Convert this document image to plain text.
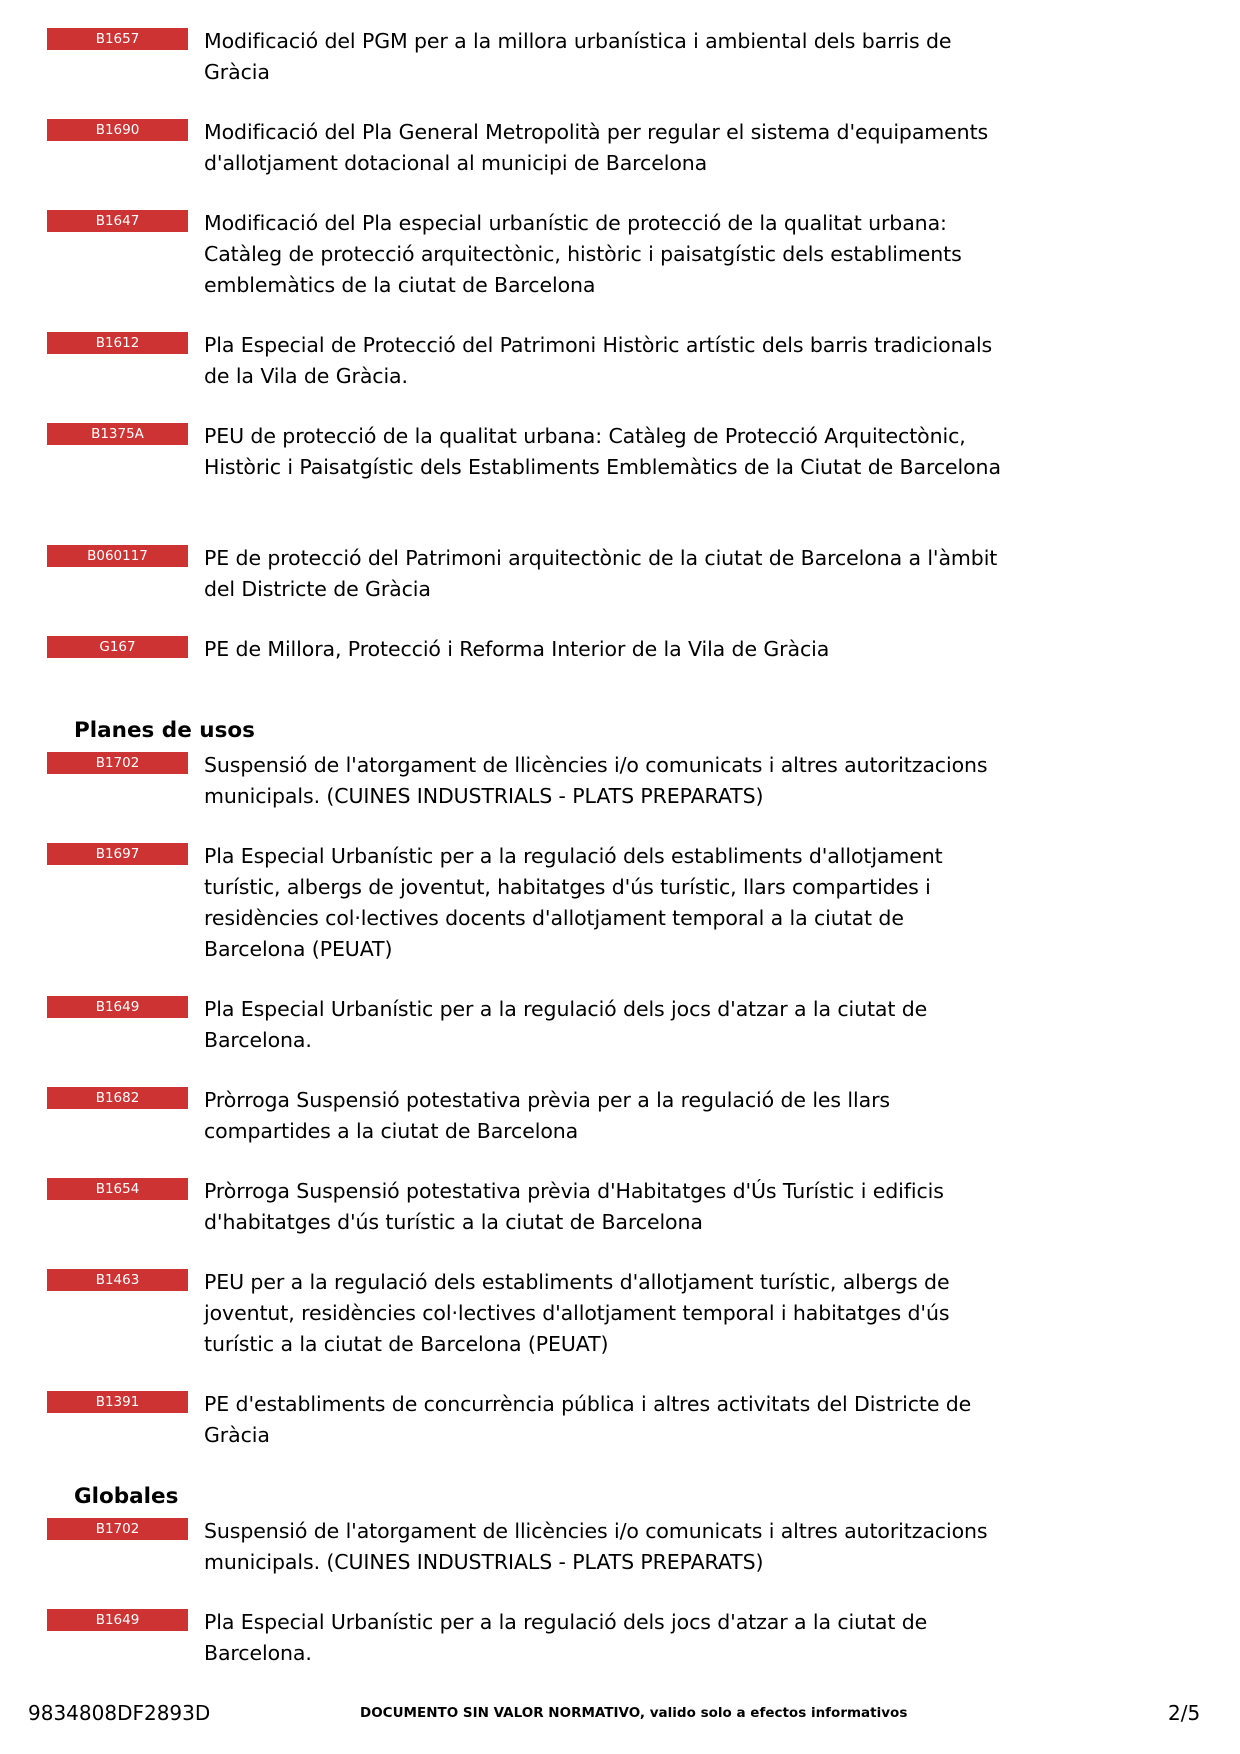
B1657	Modificació del PGM per a la millora urbanística i ambiental dels barris de Gràcia
B1690	Modificació del Pla General Metropolità per regular el sistema d'equipaments d'allotjament dotacional al municipi de Barcelona
B1647	Modificació del Pla especial urbanístic de protecció de la qualitat urbana: Catàleg de protecció arquitectònic, històric i paisatgístic dels establiments emblemàtics de la ciutat de Barcelona
B1612	Pla Especial de Protecció del Patrimoni Històric artístic dels barris tradicionals de la Vila de Gràcia.
B1375A	PEU de protecció de la qualitat urbana: Catàleg de Protecció Arquitectònic, Històric i Paisatgístic dels Establiments Emblemàtics de la Ciutat de Barcelona
B060117	PE de protecció del Patrimoni arquitectònic de la ciutat de Barcelona a l'àmbit del Districte de Gràcia
G167	PE de Millora, Protecció i Reforma Interior de la Vila de Gràcia
Planes de usos
B1702	Suspensió de l'atorgament de llicències i/o comunicats i altres autoritzacions municipals. (CUINES INDUSTRIALS - PLATS PREPARATS)
B1697	Pla Especial Urbanístic per a la regulació dels establiments d'allotjament turístic, albergs de joventut, habitatges d'ús turístic, llars compartides i residències col·lectives docents d'allotjament temporal a la ciutat de Barcelona (PEUAT)
B1649	Pla Especial Urbanístic per a la regulació dels jocs d'atzar a la ciutat de Barcelona.
B1682	Pròrroga Suspensió potestativa prèvia per a la regulació de les llars compartides a la ciutat de Barcelona
B1654	Pròrroga Suspensió potestativa prèvia d'Habitatges d'Ús Turístic i edificis d'habitatges d'ús turístic a la ciutat de Barcelona
B1463	PEU per a la regulació dels establiments d'allotjament turístic, albergs de joventut, residències col·lectives d'allotjament temporal i habitatges d'ús turístic a la ciutat de Barcelona (PEUAT)
B1391	PE d'establiments de concurrència pública i altres activitats del Districte de Gràcia
Globales
B1702	Suspensió de l'atorgament de llicències i/o comunicats i altres autoritzacions municipals. (CUINES INDUSTRIALS - PLATS PREPARATS)
B1649	Pla Especial Urbanístic per a la regulació dels jocs d'atzar a la ciutat de Barcelona.
9834808DF2893D	DOCUMENTO SIN VALOR NORMATIVO, valido solo a efectos informativos	2/5
